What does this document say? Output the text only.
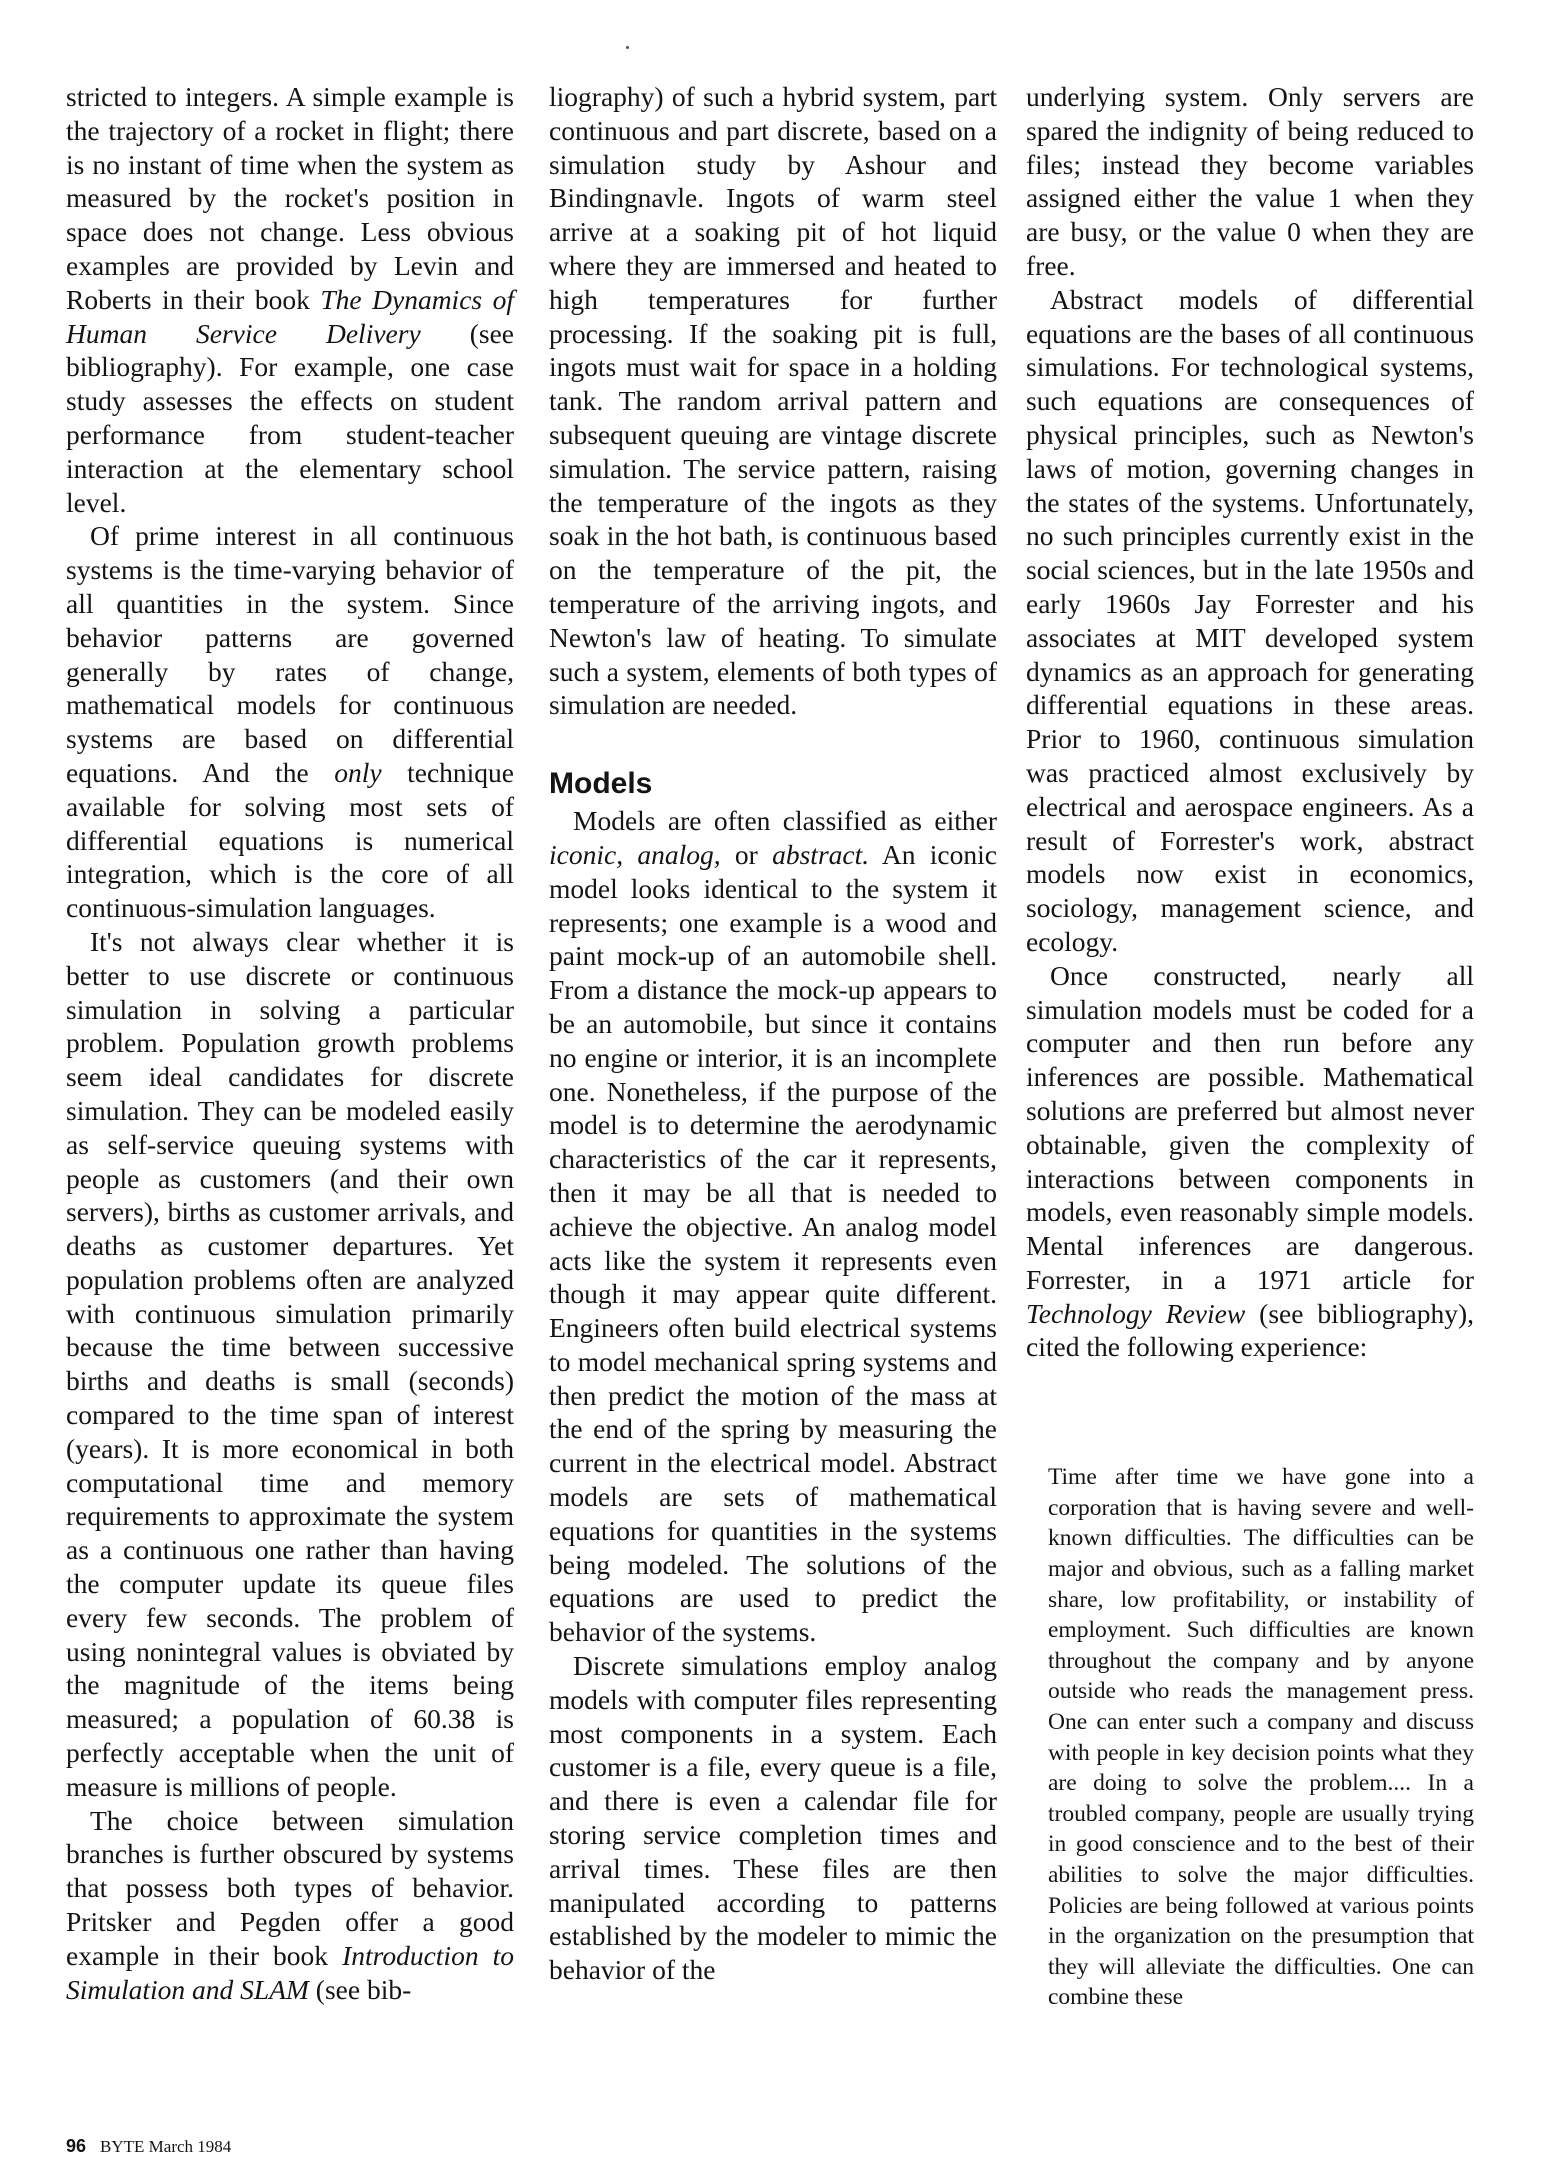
stricted to integers. A simple example is the trajectory of a rocket in flight; there is no instant of time when the system as measured by the rocket's position in space does not change. Less obvious examples are provided by Levin and Roberts in their book The Dynamics of Human Service Delivery (see bibliography). For example, one case study assesses the effects on student performance from student-teacher interaction at the elementary school level.

Of prime interest in all continuous systems is the time-varying behavior of all quantities in the system. Since behavior patterns are governed generally by rates of change, mathematical models for continuous systems are based on differential equations. And the only technique available for solving most sets of differential equations is numerical integration, which is the core of all continuous-simulation languages.

It's not always clear whether it is better to use discrete or continuous simulation in solving a particular problem. Population growth problems seem ideal candidates for discrete simulation. They can be modeled easily as self-service queuing systems with people as customers (and their own servers), births as customer arrivals, and deaths as customer departures. Yet population problems often are analyzed with continuous simulation primarily because the time between successive births and deaths is small (seconds) compared to the time span of interest (years). It is more economical in both computational time and memory requirements to approximate the system as a continuous one rather than having the computer update its queue files every few seconds. The problem of using nonintegral values is obviated by the magnitude of the items being measured; a population of 60.38 is perfectly acceptable when the unit of measure is millions of people.

The choice between simulation branches is further obscured by systems that possess both types of behavior. Pritsker and Pegden offer a good example in their book Introduction to Simulation and SLAM (see bib-

liography) of such a hybrid system, part continuous and part discrete, based on a simulation study by Ashour and Bindingnavle. Ingots of warm steel arrive at a soaking pit of hot liquid where they are immersed and heated to high temperatures for further processing. If the soaking pit is full, ingots must wait for space in a holding tank. The random arrival pattern and subsequent queuing are vintage discrete simulation. The service pattern, raising the temperature of the ingots as they soak in the hot bath, is continuous based on the temperature of the pit, the temperature of the arriving ingots, and Newton's law of heating. To simulate such a system, elements of both types of simulation are needed.

Models

Models are often classified as either iconic, analog, or abstract. An iconic model looks identical to the system it represents; one example is a wood and paint mock-up of an automobile shell. From a distance the mock-up appears to be an automobile, but since it contains no engine or interior, it is an incomplete one. Nonetheless, if the purpose of the model is to determine the aerodynamic characteristics of the car it represents, then it may be all that is needed to achieve the objective. An analog model acts like the system it represents even though it may appear quite different. Engineers often build electrical systems to model mechanical spring systems and then predict the motion of the mass at the end of the spring by measuring the current in the electrical model. Abstract models are sets of mathematical equations for quantities in the systems being modeled. The solutions of the equations are used to predict the behavior of the systems.

Discrete simulations employ analog models with computer files representing most components in a system. Each customer is a file, every queue is a file, and there is even a calendar file for storing service completion times and arrival times. These files are then manipulated according to patterns established by the modeler to mimic the behavior of the

underlying system. Only servers are spared the indignity of being reduced to files; instead they become variables assigned either the value 1 when they are busy, or the value 0 when they are free.

Abstract models of differential equations are the bases of all continuous simulations. For technological systems, such equations are consequences of physical principles, such as Newton's laws of motion, governing changes in the states of the systems. Unfortunately, no such principles currently exist in the social sciences, but in the late 1950s and early 1960s Jay Forrester and his associates at MIT developed system dynamics as an approach for generating differential equations in these areas. Prior to 1960, continuous simulation was practiced almost exclusively by electrical and aerospace engineers. As a result of Forrester's work, abstract models now exist in economics, sociology, management science, and ecology.

Once constructed, nearly all simulation models must be coded for a computer and then run before any inferences are possible. Mathematical solutions are preferred but almost never obtainable, given the complexity of interactions between components in models, even reasonably simple models. Mental inferences are dangerous. Forrester, in a 1971 article for Technology Review (see bibliography), cited the following experience:

Time after time we have gone into a corporation that is having severe and well-known difficulties. The difficulties can be major and obvious, such as a falling market share, low profitability, or instability of employment. Such difficulties are known throughout the company and by anyone outside who reads the management press. One can enter such a company and discuss with people in key decision points what they are doing to solve the problem.... In a troubled company, people are usually trying in good conscience and to the best of their abilities to solve the major difficulties. Policies are being followed at various points in the organization on the presumption that they will alleviate the difficulties. One can combine these
96 BYTE March 1984
